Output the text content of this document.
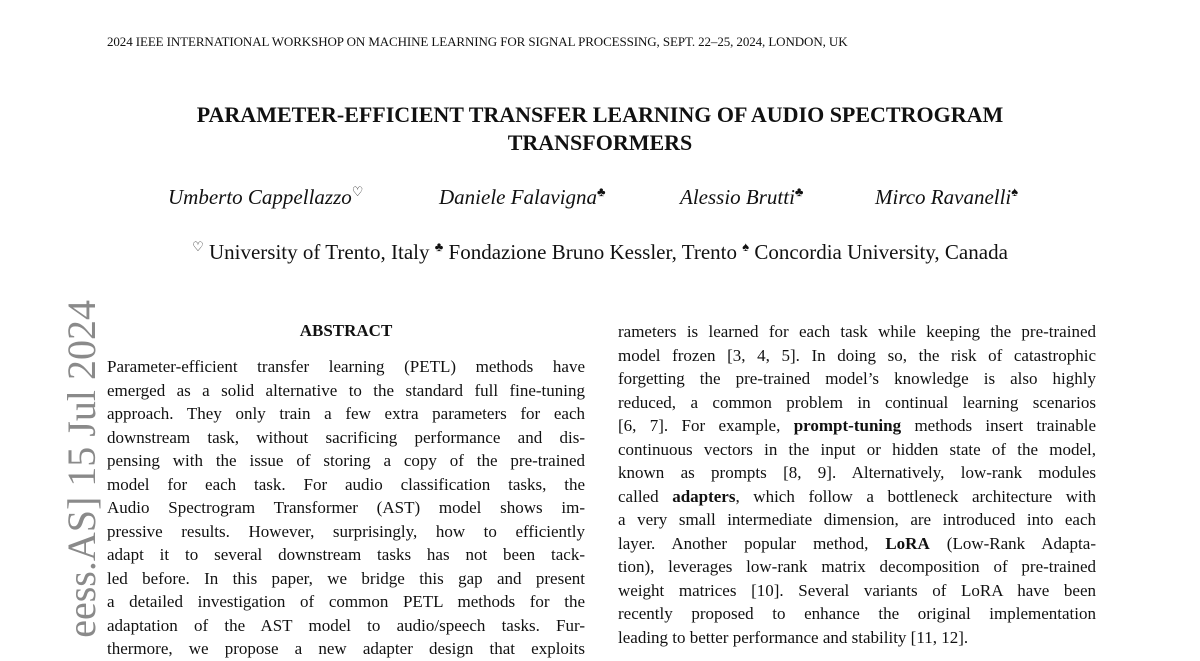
2024 IEEE INTERNATIONAL WORKSHOP ON MACHINE LEARNING FOR SIGNAL PROCESSING, SEPT. 22–25, 2024, LONDON, UK
PARAMETER-EFFICIENT TRANSFER LEARNING OF AUDIO SPECTROGRAM
TRANSFORMERS
Umberto Cappellazzo♡	Daniele Falavigna♣	Alessio Brutti♣	Mirco Ravanelli♠
♡ University of Trento, Italy ♣ Fondazione Bruno Kessler, Trento ♠ Concordia University, Canada
eess.AS] 15 Jul 2024	ABSTRACT
Parameter-efficient transfer learning (PETL) methods have
emerged as a solid alternative to the standard full fine-tuning
approach. They only train a few extra parameters for each
downstream task, without sacrificing performance and dis-
pensing with the issue of storing a copy of the pre-trained
model for each task. For audio classification tasks, the
Audio Spectrogram Transformer (AST) model shows im-
pressive results. However, surprisingly, how to efficiently
adapt it to several downstream tasks has not been tack-
led before. In this paper, we bridge this gap and present
a detailed investigation of common PETL methods for the
adaptation of the AST model to audio/speech tasks. Fur-
thermore, we propose a new adapter design that exploits
rameters is learned for each task while keeping the pre-trained
model frozen [3, 4, 5]. In doing so, the risk of catastrophic
forgetting the pre-trained model’s knowledge is also highly
reduced, a common problem in continual learning scenarios
[6, 7]. For example, prompt-tuning methods insert trainable
continuous vectors in the input or hidden state of the model,
known as prompts [8, 9]. Alternatively, low-rank modules
called adapters, which follow a bottleneck architecture with
a very small intermediate dimension, are introduced into each
layer. Another popular method, LoRA (Low-Rank Adapta-
tion), leverages low-rank matrix decomposition of pre-trained
weight matrices [10]. Several variants of LoRA have been
recently proposed to enhance the original implementation
leading to better performance and stability [11, 12].
